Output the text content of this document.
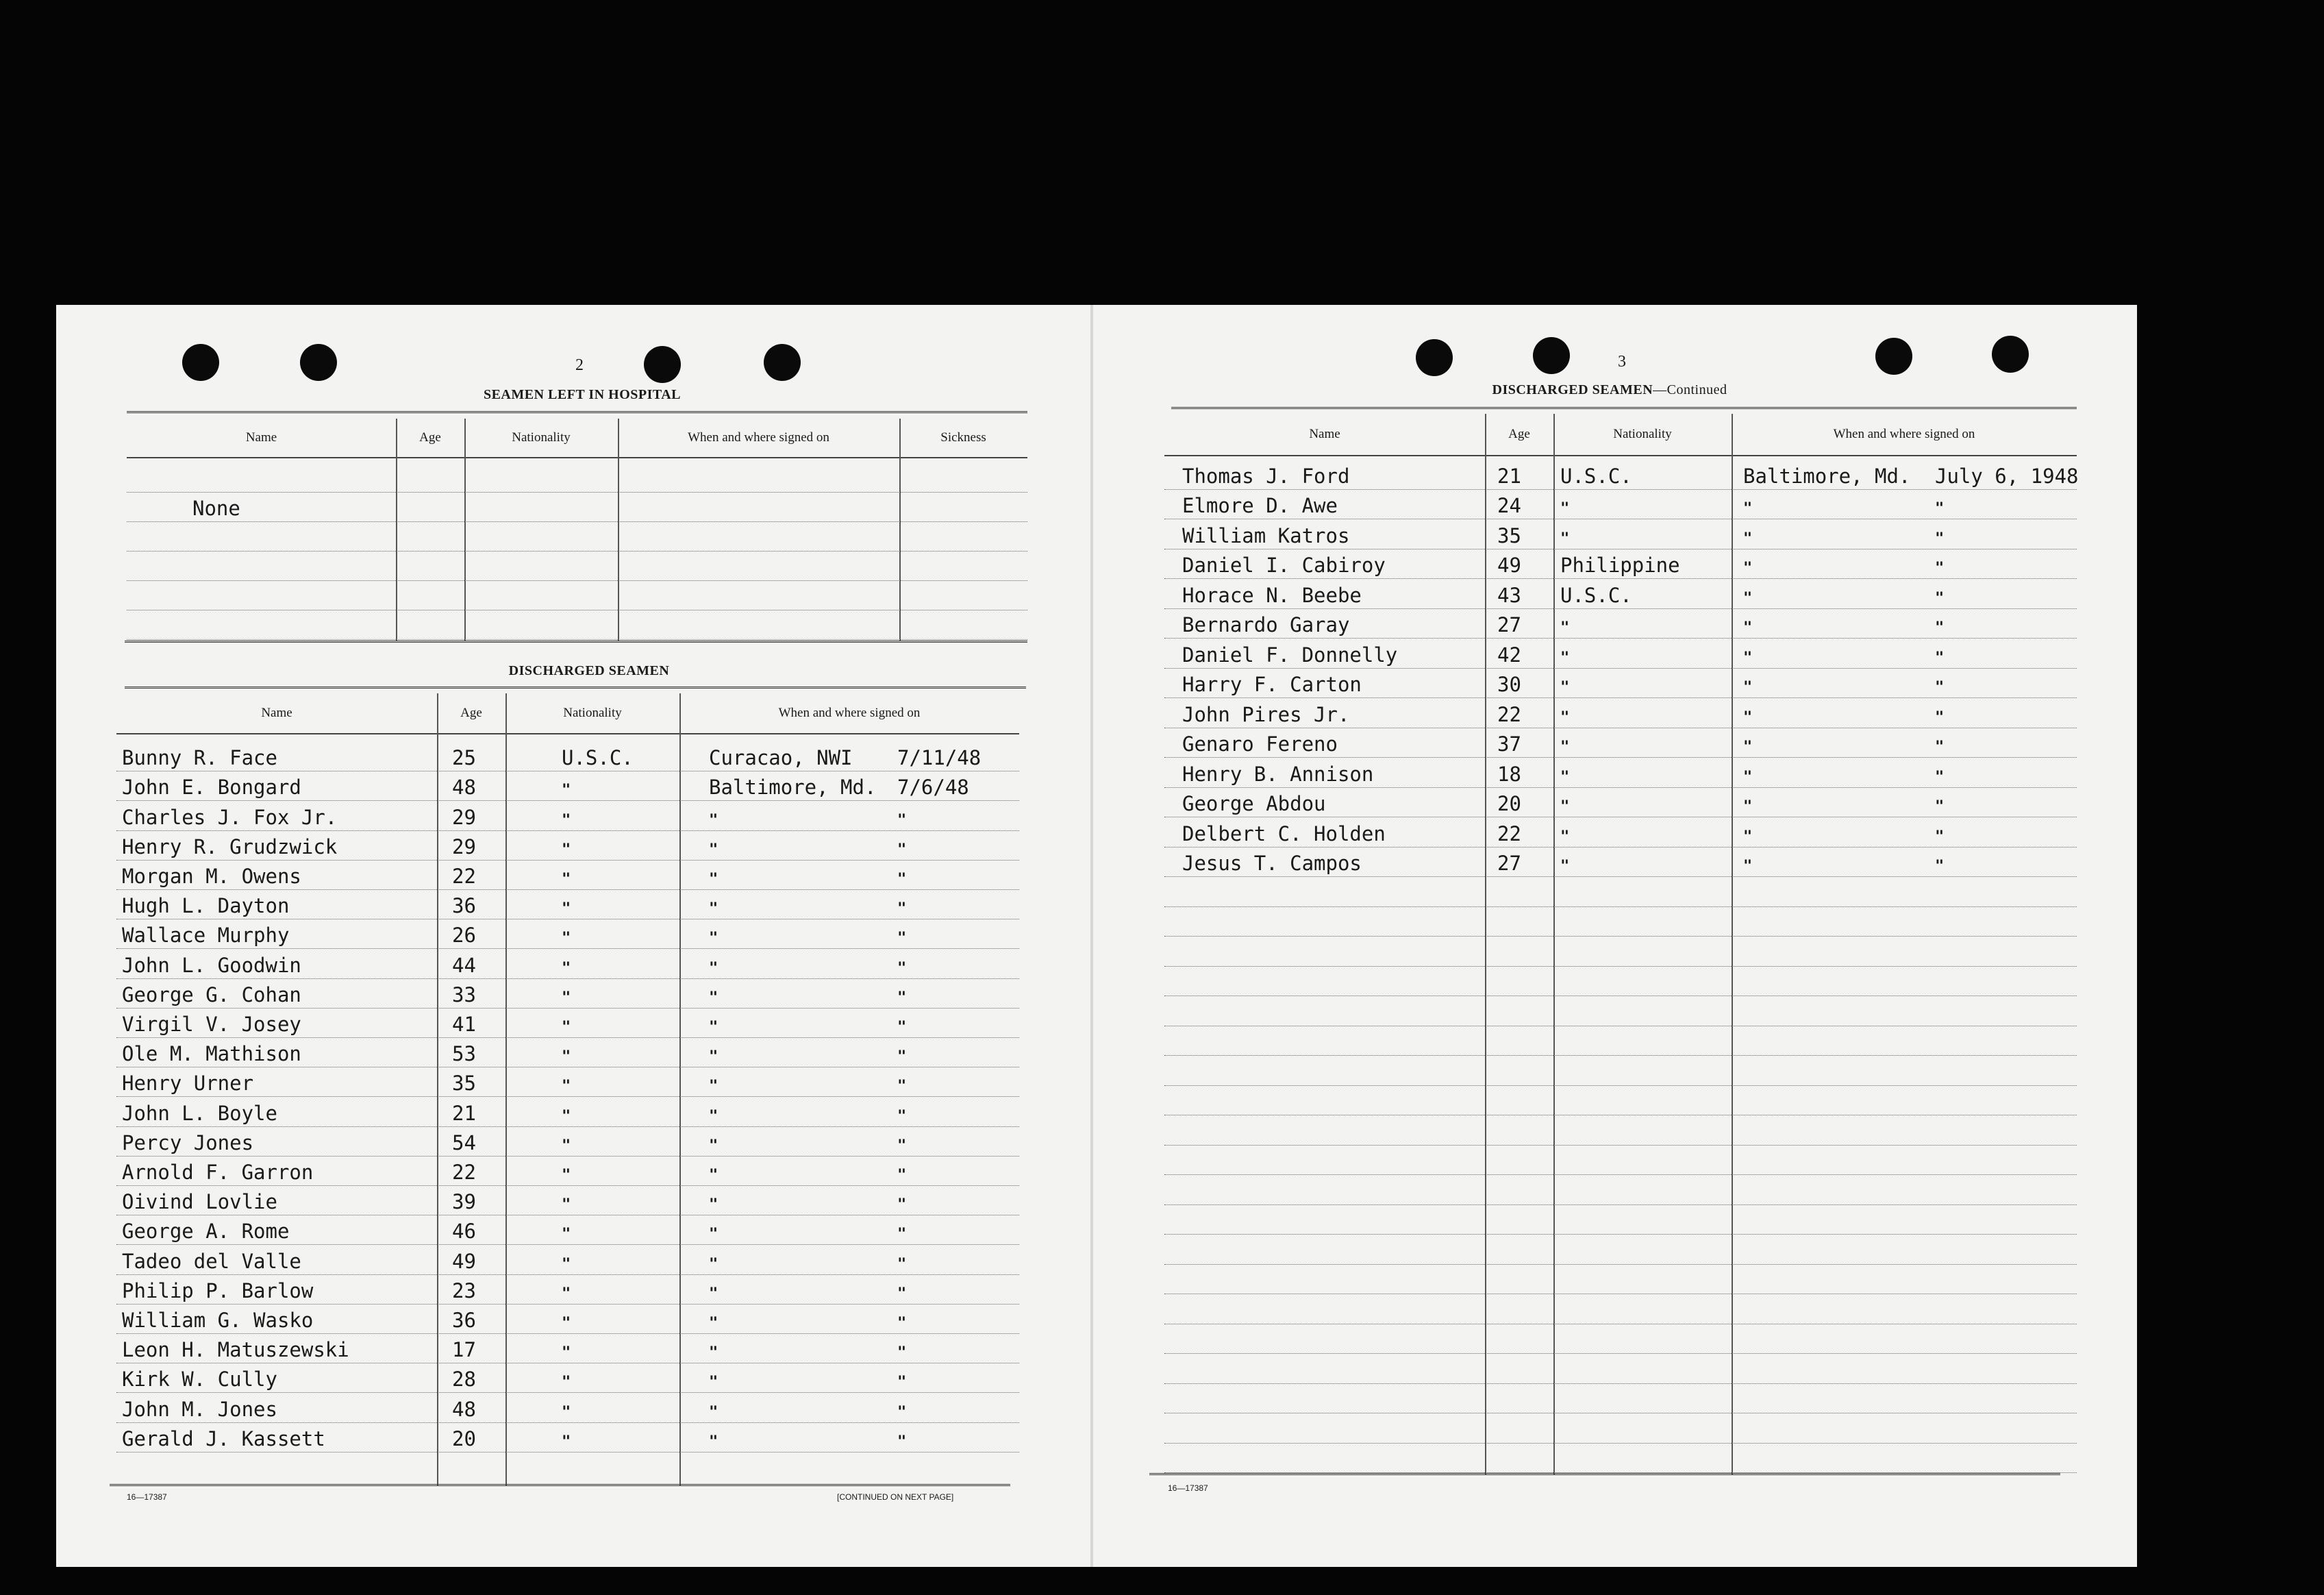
2
SEAMEN LEFT IN HOSPITAL
Name	Age	Nationality	When and where signed on	Sickness
None
DISCHARGED SEAMEN
Name	Age	Nationality	When and where signed on
Bunny R. Face	25	U.S.C.	Curacao, NWI 7/11/48
John E. Bongard	48	"	Baltimore, Md. 7/6/48
Charles J. Fox Jr.	29	"	"	"
Henry R. Grudzwick	29	"	"	"
Morgan M. Owens	22	"	"	"
Hugh L. Dayton	36	"	"	"
Wallace Murphy	26	"	"	"
John L. Goodwin	44	"	"	"
George G. Cohan	33	"	"	"
Virgil V. Josey	41	"	"	"
Ole M. Mathison	53	"	"	"
Henry Urner	35	"	"	"
John L. Boyle	21	"	"	"
Percy Jones	54	"	"	"
Arnold F. Garron	22	"	"	"
Oivind Lovlie	39	"	"	"
George A. Rome	46	"	"	"
Tadeo del Valle	49	"	"	"
Philip P. Barlow	23	"	"	"
William G. Wasko	36	"	"	"
Leon H. Matuszewski	17	"	"	"
Kirk W. Cully	28	"	"	"
John M. Jones	48	"	"	"
Gerald J. Kassett	20	"	"	"
16—17387	[CONTINUED ON NEXT PAGE]
3
DISCHARGED SEAMEN—Continued
Name	Age	Nationality	When and where signed on
Thomas J. Ford	21 U.S.C.	Baltimore, Md. July 6, 1948
Elmore D. Awe	24	"	"	"
William Katros	35	"	"	"
Daniel I. Cabiroy	49 Philippine	"	"
Horace N. Beebe	43 U.S.C.	"	"
Bernardo Garay	27	"	"	"
Daniel F. Donnelly	42	"	"	"
Harry F. Carton	30	"	"	"
John Pires Jr.	22	"	"	"
Genaro Fereno	37	"	"	"
Henry B. Annison	18	"	"	"
George Abdou	20	"	"	"
Delbert C. Holden	22	"	"	"
Jesus T. Campos	27	"	"	"
16—17387
